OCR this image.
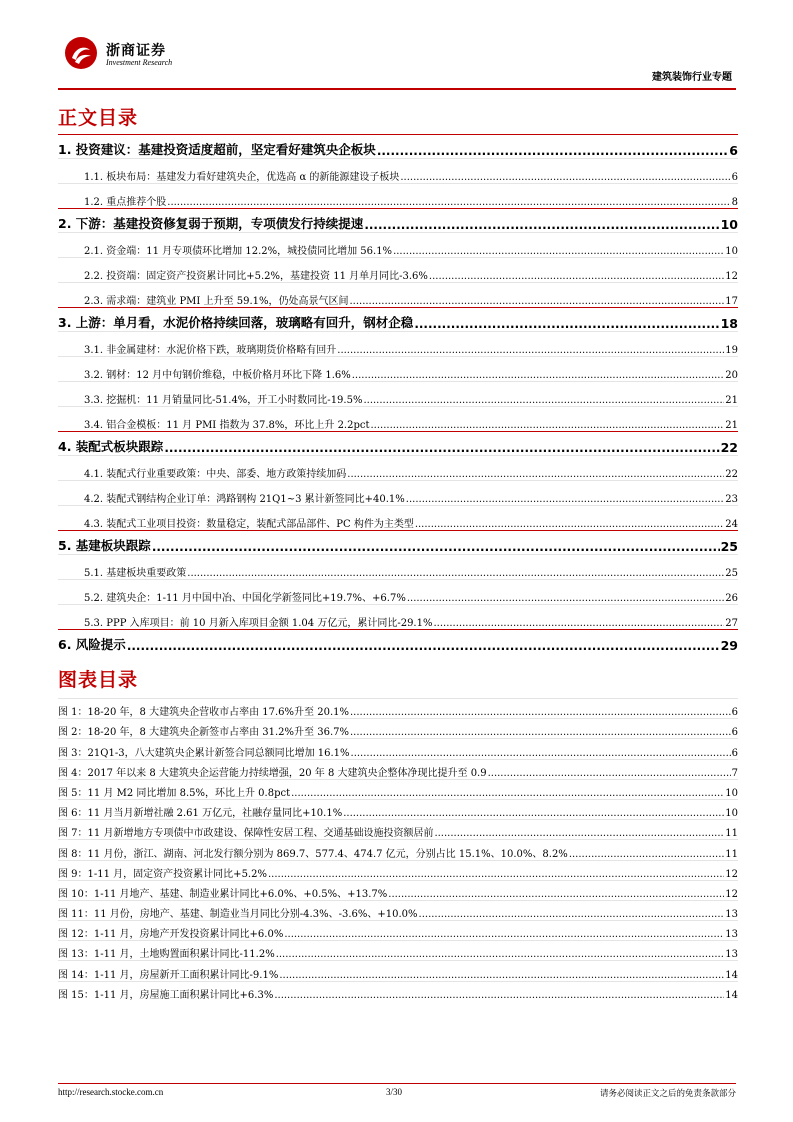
浙商证券
Investment Research
建筑装饰行业专题
正文目录
1. 投资建议：基建投资适度超前，坚定看好建筑央企板块 .....	6
1.1. 板块布局：基建发力看好建筑央企，优选高 α 的新能源建设子板块 .....	6
1.2. 重点推荐个股 .....	8
2. 下游：基建投资修复弱于预期，专项债发行持续提速 .....	10
2.1. 资金端：11 月专项债环比增加 12.2%，城投债同比增加 56.1% .....	10
2.2. 投资端：固定资产投资累计同比+5.2%，基建投资 11 月单月同比-3.6% .....	12
2.3. 需求端：建筑业 PMI 上升至 59.1%，仍处高景气区间 .....	17
3. 上游：单月看，水泥价格持续回落，玻璃略有回升，钢材企稳 .....	18
3.1. 非金属建材：水泥价格下跌，玻璃期货价格略有回升 .....	19
3.2. 钢材：12 月中旬钢价维稳，中板价格月环比下降 1.6% .....	20
3.3. 挖掘机：11 月销量同比-51.4%，开工小时数同比-19.5% .....	21
3.4. 铝合金模板：11 月 PMI 指数为 37.8%，环比上升 2.2pct .....	21
4. 装配式板块跟踪 .....	22
4.1. 装配式行业重要政策：中央、部委、地方政策持续加码 .....	22
4.2. 装配式钢结构企业订单：鸿路钢构 21Q1~3 累计新签同比+40.1% .....	23
4.3. 装配式工业项目投资：数量稳定，装配式部品部件、PC 构件为主类型 .....	24
5. 基建板块跟踪 .....	25
5.1. 基建板块重要政策 .....	25
5.2. 建筑央企：1-11 月中国中冶、中国化学新签同比+19.7%、+6.7% .....	26
5.3. PPP 入库项目：前 10 月新入库项目金额 1.04 万亿元，累计同比-29.1% .....	27
6. 风险提示 .....	29
图表目录
图 1：18-20 年，8 大建筑央企营收市占率由 17.6%升至 20.1% .....	6
图 2：18-20 年，8 大建筑央企新签市占率由 31.2%升至 36.7% .....	6
图 3：21Q1-3，八大建筑央企累计新签合同总额同比增加 16.1% .....	6
图 4：2017 年以来 8 大建筑央企运营能力持续增强，20 年 8 大建筑央企整体净现比提升至 0.9 .....	7
图 5：11 月 M2 同比增加 8.5%，环比上升 0.8pct .....	10
图 6：11 月当月新增社融 2.61 万亿元，社融存量同比+10.1% .....	10
图 7：11 月新增地方专项债中市政建设、保障性安居工程、交通基础设施投资额居前 .....	11
图 8：11 月份，浙江、湖南、河北发行额分别为 869.7、577.4、474.7 亿元，分别占比 15.1%、10.0%、8.2% .....	11
图 9：1-11 月，固定资产投资累计同比+5.2% .....	12
图 10：1-11 月地产、基建、制造业累计同比+6.0%、+0.5%、+13.7% .....	12
图 11：11 月份，房地产、基建、制造业当月同比分别-4.3%、-3.6%、+10.0% .....	13
图 12：1-11 月，房地产开发投资累计同比+6.0% .....	13
图 13：1-11 月，土地购置面积累计同比-11.2% .....	13
图 14：1-11 月，房屋新开工面积累计同比-9.1% .....	14
图 15：1-11 月，房屋施工面积累计同比+6.3% .....	14
http://research.stocke.com.cn	3/30	请务必阅读正文之后的免责条款部分
